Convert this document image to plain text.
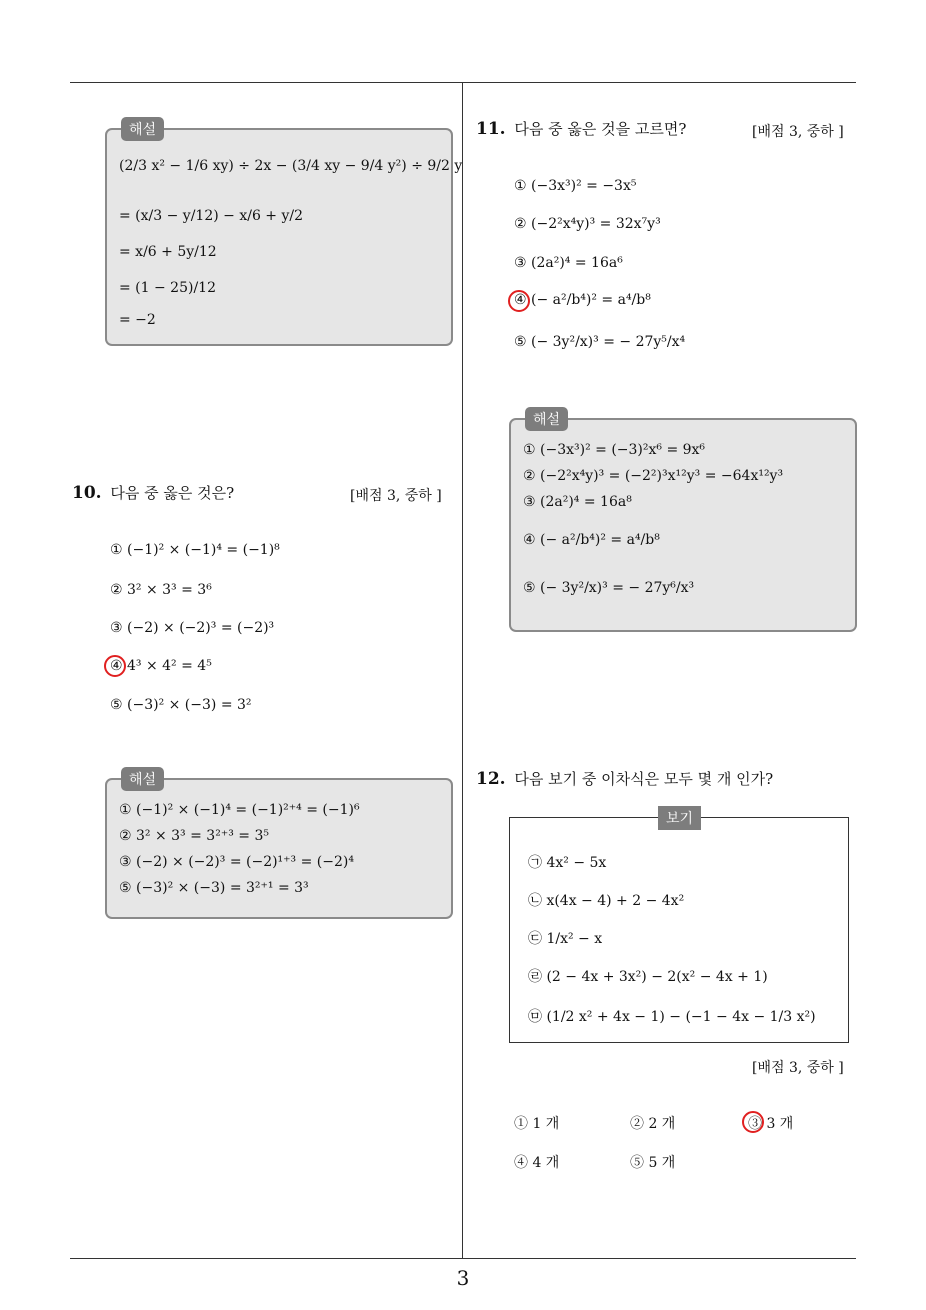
3
해설
(2/3 x² − 1/6 xy) ÷ 2x − (3/4 xy − 9/4 y²) ÷ 9/2 y
= (x/3 − y/12) − x/6 + y/2
= x/6 + 5y/12
= (1 − 25)/12
= −2
10. 다음 중 옳은 것은?	[배점 3, 중하 ]
① (−1)² × (−1)⁴ = (−1)⁸
② 3² × 3³ = 3⁶
③ (−2) × (−2)³ = (−2)³
④ 4³ × 4² = 4⁵
⑤ (−3)² × (−3) = 3²
해설
① (−1)² × (−1)⁴ = (−1)²⁺⁴ = (−1)⁶
② 3² × 3³ = 3²⁺³ = 3⁵
③ (−2) × (−2)³ = (−2)¹⁺³ = (−2)⁴
⑤ (−3)² × (−3) = 3²⁺¹ = 3³
11. 다음 중 옳은 것을 고르면?	[배점 3, 중하 ]
① (−3x³)² = −3x⁵
② (−2²x⁴y)³ = 32x⁷y³
③ (2a²)⁴ = 16a⁶
④ (− a²/b⁴)² = a⁴/b⁸
⑤ (− 3y²/x)³ = − 27y⁵/x⁴
해설
① (−3x³)² = (−3)²x⁶ = 9x⁶
② (−2²x⁴y)³ = (−2²)³x¹²y³ = −64x¹²y³
③ (2a²)⁴ = 16a⁸
④ (− a²/b⁴)² = a⁴/b⁸
⑤ (− 3y²/x)³ = − 27y⁶/x³
12. 다음 보기 중 이차식은 모두 몇 개 인가?
보기
㉠ 4x² − 5x
㉡ x(4x − 4) + 2 − 4x²
㉢ 1/x² − x
㉣ (2 − 4x + 3x²) − 2(x² − 4x + 1)
㉤ (1/2 x² + 4x − 1) − (−1 − 4x − 1/3 x²)
[배점 3, 중하 ]
① 1 개	② 2 개	③ 3 개
④ 4 개	⑤ 5 개
